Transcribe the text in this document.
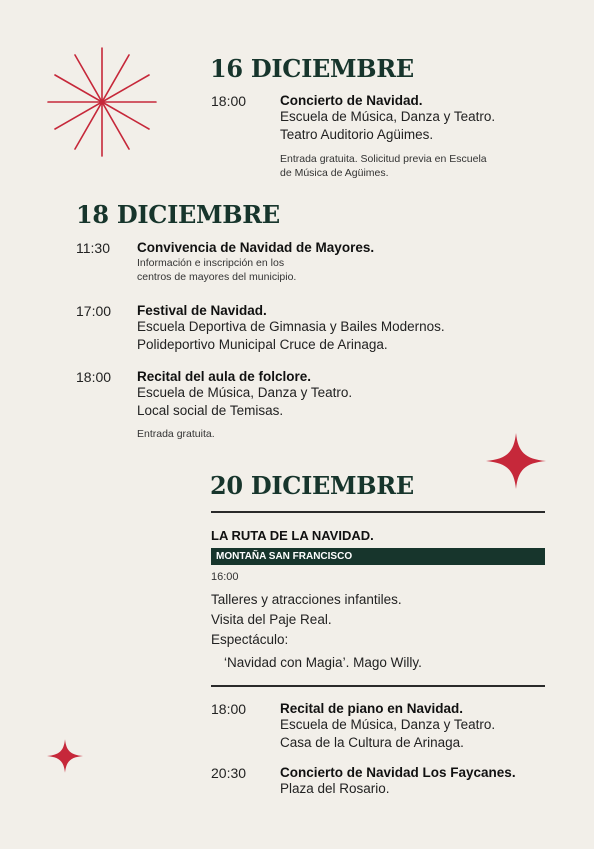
16 DICIEMBRE
18:00	Concierto de Navidad.
Escuela de Música, Danza y Teatro.
Teatro Auditorio Agüimes.
Entrada gratuita. Solicitud previa en Escuela
de Música de Agüimes.
18 DICIEMBRE
11:30 Convivencia de Navidad de Mayores.
Información e inscripción en los
centros de mayores del municipio.
17:00 Festival de Navidad.
Escuela Deportiva de Gimnasia y Bailes Modernos.
Polideportivo Municipal Cruce de Arinaga.
18:00 Recital del aula de folclore.
Escuela de Música, Danza y Teatro.
Local social de Temisas.
Entrada gratuita.
20 DICIEMBRE
LA RUTA DE LA NAVIDAD.
MONTAÑA SAN FRANCISCO
16:00
Talleres y atracciones infantiles.
Visita del Paje Real.
Espectáculo:
‘Navidad con Magia’. Mago Willy.
18:00	Recital de piano en Navidad.
Escuela de Música, Danza y Teatro.
Casa de la Cultura de Arinaga.
20:30	Concierto de Navidad Los Faycanes.
Plaza del Rosario.
